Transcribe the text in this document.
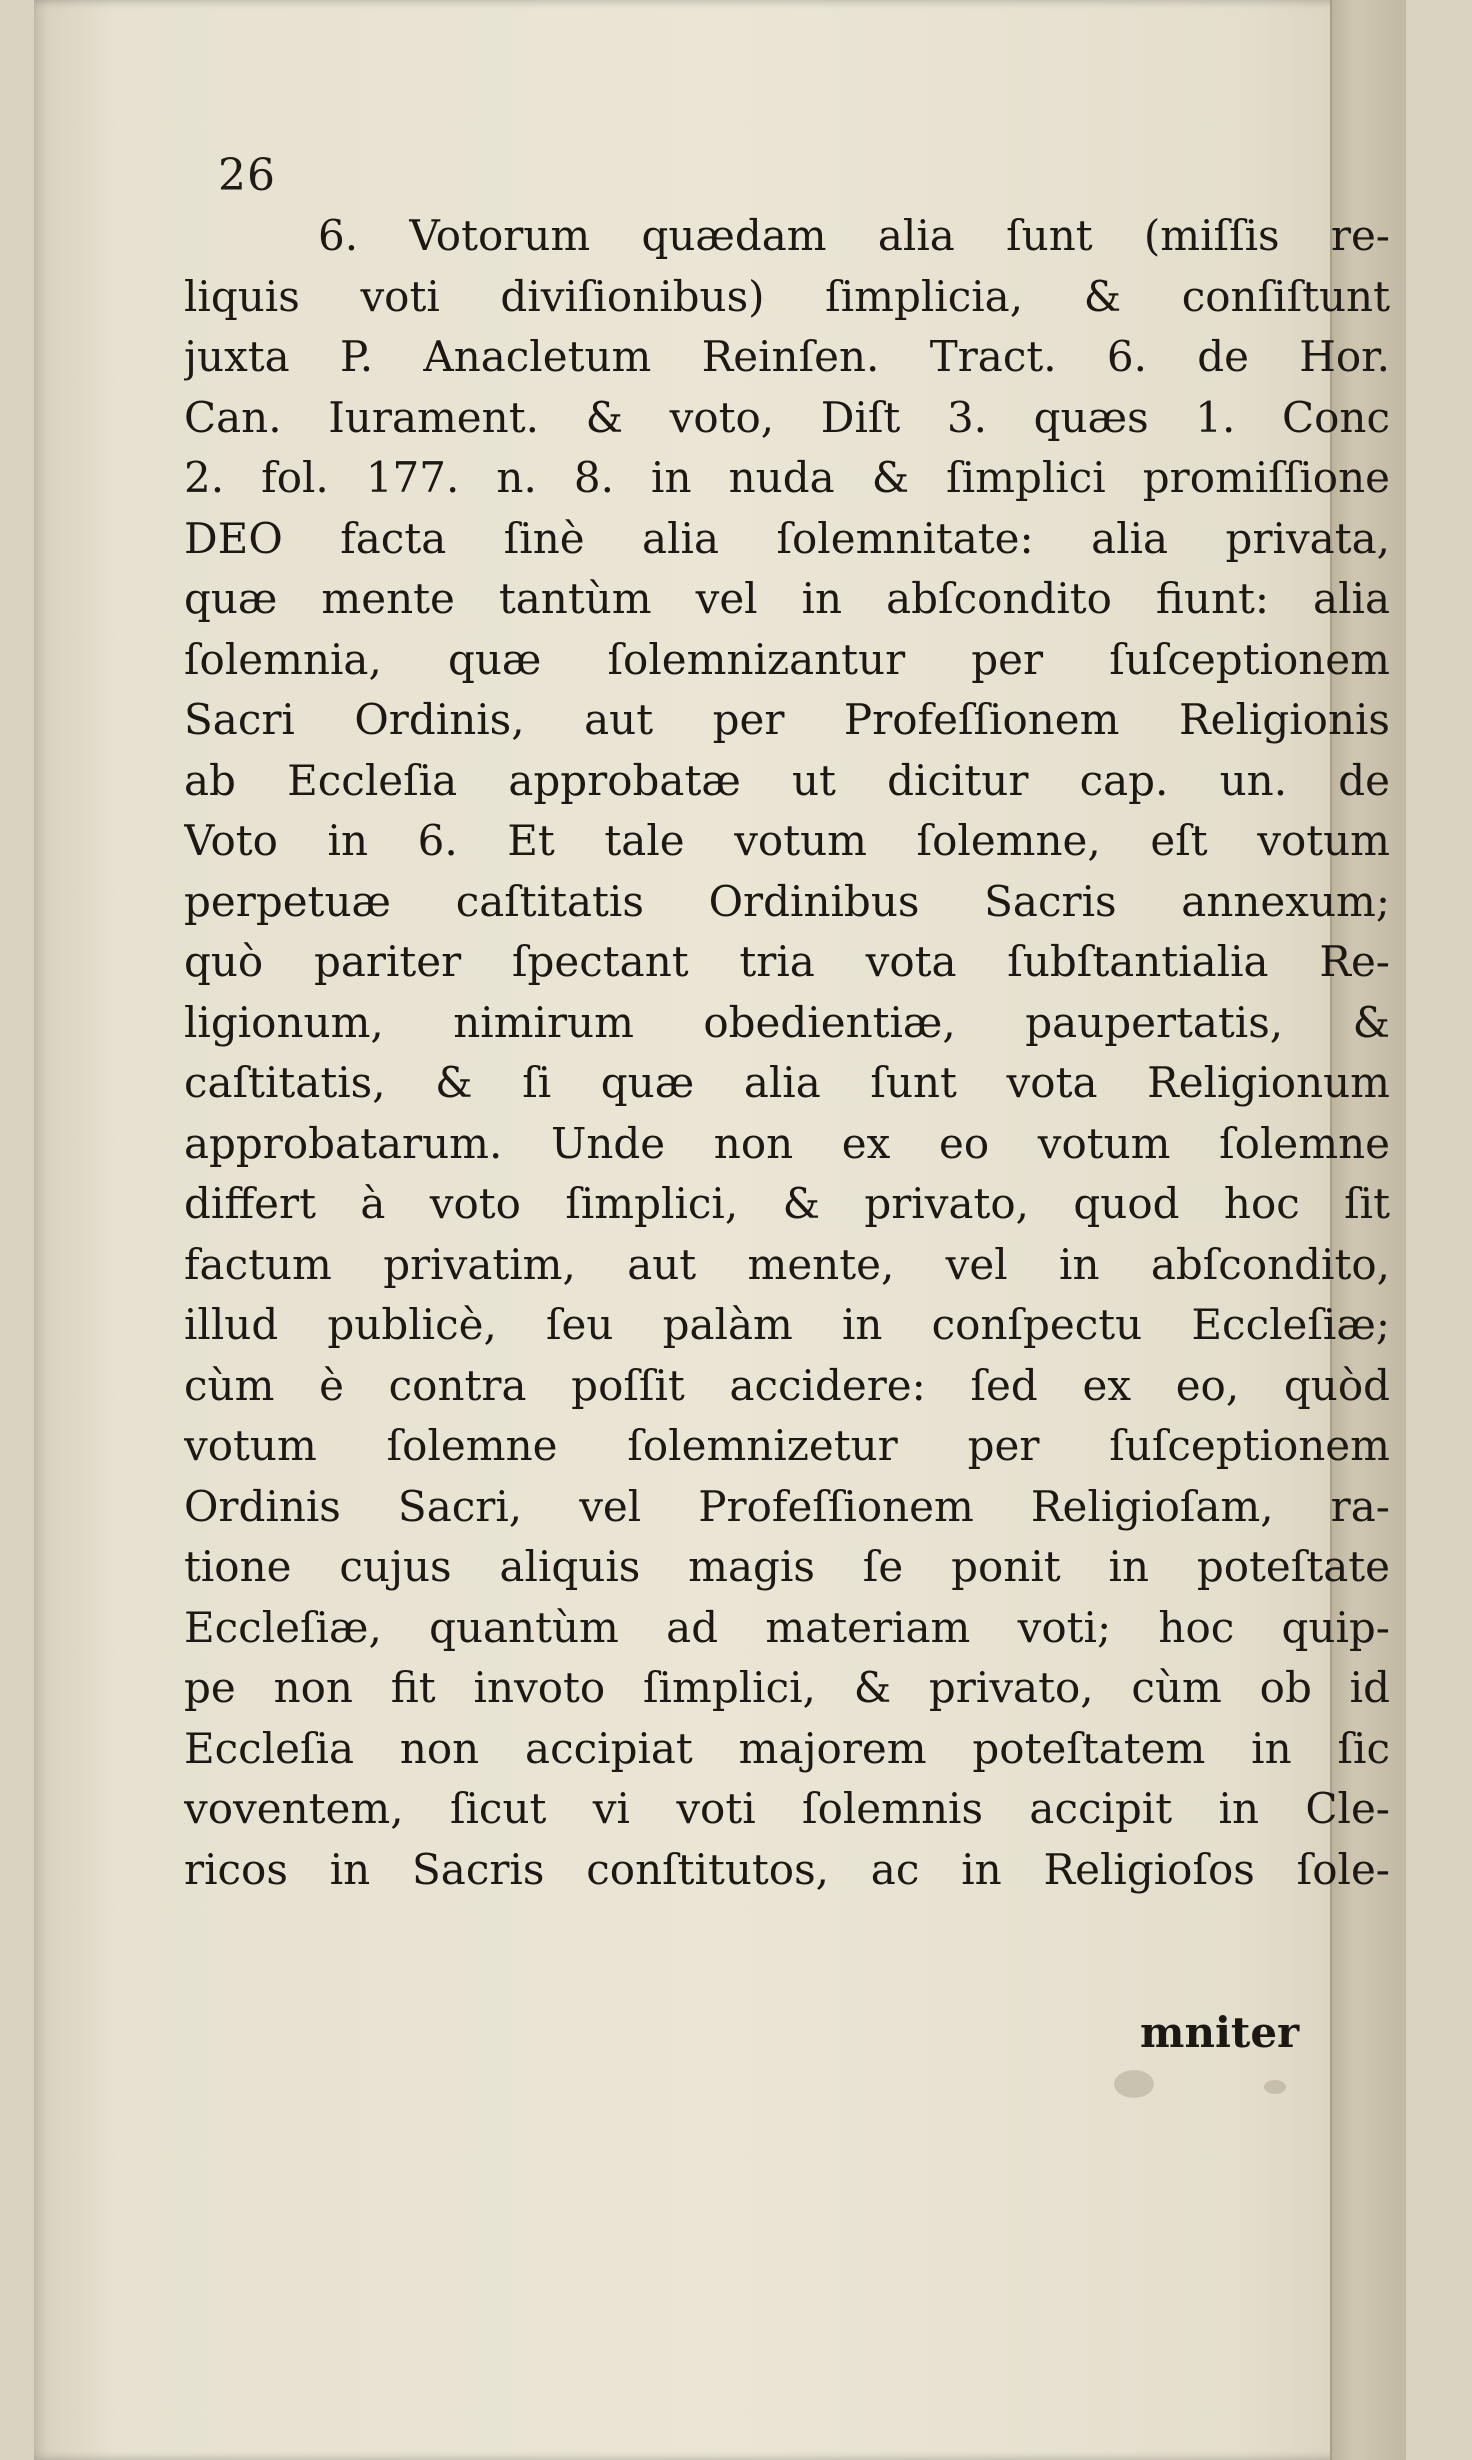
26
6. Votorum quædam alia ſunt (miſſis re-
liquis voti diviſionibus) ſimplicia, & conſiſtunt
juxta P. Anacletum Reinſen. Tract. 6. de Hor.
Can. Iurament. & voto, Diſt 3. quæs 1. Conc
2. fol. 177. n. 8. in nuda & ſimplici promiſſione
DEO facta ſinè alia ſolemnitate: alia privata,
quæ mente tantùm vel in abſcondito fiunt: alia
ſolemnia, quæ ſolemnizantur per ſuſceptionem
Sacri Ordinis, aut per Profeſſionem Religionis
ab Eccleſia approbatæ ut dicitur cap. un. de
Voto in 6. Et tale votum ſolemne, eſt votum
perpetuæ caſtitatis Ordinibus Sacris annexum;
quò pariter ſpectant tria vota ſubſtantialia Re-
ligionum, nimirum obedientiæ, paupertatis, &
caſtitatis, & ſi quæ alia ſunt vota Religionum
approbatarum. Unde non ex eo votum ſolemne
differt à voto ſimplici, & privato, quod hoc ſit
factum privatim, aut mente, vel in abſcondito,
illud publicè, ſeu palàm in conſpectu Eccleſiæ;
cùm è contra poſſit accidere: ſed ex eo, quòd
votum ſolemne ſolemnizetur per ſuſceptionem
Ordinis Sacri, vel Profeſſionem Religioſam, ra-
tione cujus aliquis magis ſe ponit in poteſtate
Eccleſiæ, quantùm ad materiam voti; hoc quip-
pe non fit invoto ſimplici, & privato, cùm ob id
Eccleſia non accipiat majorem poteſtatem in ſic
voventem, ſicut vi voti ſolemnis accipit in Cle-
ricos in Sacris conſtitutos, ac in Religioſos ſole-
mniter
